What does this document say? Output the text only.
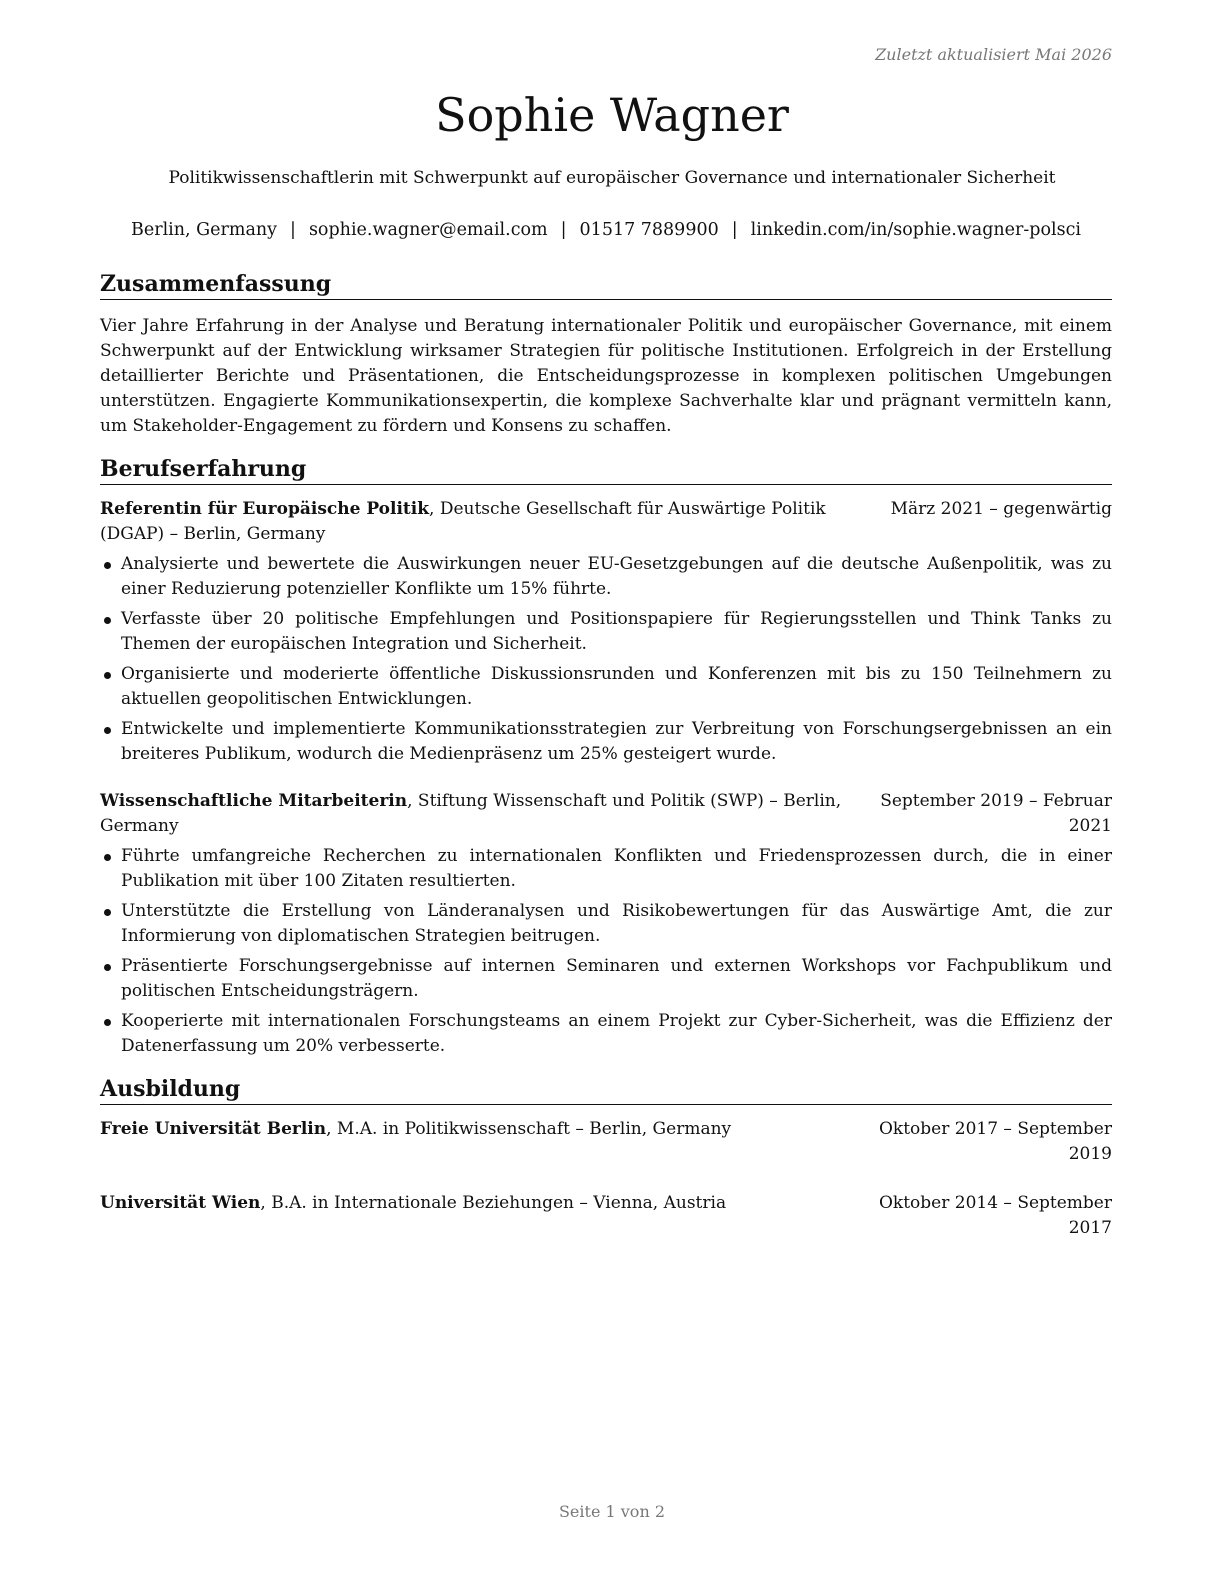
Zuletzt aktualisiert Mai 2026
Sophie Wagner

Politikwissenschaftlerin mit Schwerpunkt auf europäischer Governance und internationaler Sicherheit

Berlin, Germany | sophie.wagner@email.com | 01517 7889900 | linkedin.com/in/sophie.wagner-polsci
Zusammenfassung

Vier Jahre Erfahrung in der Analyse und Beratung internationaler Politik und europäischer Governance, mit einem Schwerpunkt auf der Entwicklung wirksamer Strategien für politische Institutionen. Erfolgreich in der Erstellung detaillierter Berichte und Präsentationen, die Entscheidungsprozesse in komplexen politischen Umgebungen unterstützen. Engagierte Kommunikationsexpertin, die komplexe Sachverhalte klar und prägnant vermitteln kann, um Stakeholder-Engagement zu fördern und Konsens zu schaffen.

Berufserfahrung
Referentin für Europäische Politik, Deutsche Gesellschaft für Auswärtige Politik (DGAP) – Berlin, Germany
März 2021 – gegenwärtig
Analysierte und bewertete die Auswirkungen neuer EU-Gesetzgebungen auf die deutsche Außenpolitik, was zu einer Reduzierung potenzieller Konflikte um 15% führte.
Verfasste über 20 politische Empfehlungen und Positionspapiere für Regierungsstellen und Think Tanks zu Themen der europäischen Integration und Sicherheit.
Organisierte und moderierte öffentliche Diskussionsrunden und Konferenzen mit bis zu 150 Teilnehmern zu aktuellen geopolitischen Entwicklungen.
Entwickelte und implementierte Kommunikationsstrategien zur Verbreitung von Forschungsergebnissen an ein breiteres Publikum, wodurch die Medienpräsenz um 25% gesteigert wurde.
Wissenschaftliche Mitarbeiterin, Stiftung Wissenschaft und Politik (SWP) – Berlin, Germany
September 2019 – Februar 2021
Führte umfangreiche Recherchen zu internationalen Konflikten und Friedensprozessen durch, die in einer Publikation mit über 100 Zitaten resultierten.
Unterstützte die Erstellung von Länderanalysen und Risikobewertungen für das Auswärtige Amt, die zur Informierung von diplomatischen Strategien beitrugen.
Präsentierte Forschungsergebnisse auf internen Seminaren und externen Workshops vor Fachpublikum und politischen Entscheidungsträgern.
Kooperierte mit internationalen Forschungsteams an einem Projekt zur Cyber-Sicherheit, was die Effizienz der Datenerfassung um 20% verbesserte.
Ausbildung
Freie Universität Berlin, M.A. in Politikwissenschaft – Berlin, Germany	Oktober 2017 – September 2019
Universität Wien, B.A. in Internationale Beziehungen – Vienna, Austria	Oktober 2014 – September 2017
Seite 1 von 2
